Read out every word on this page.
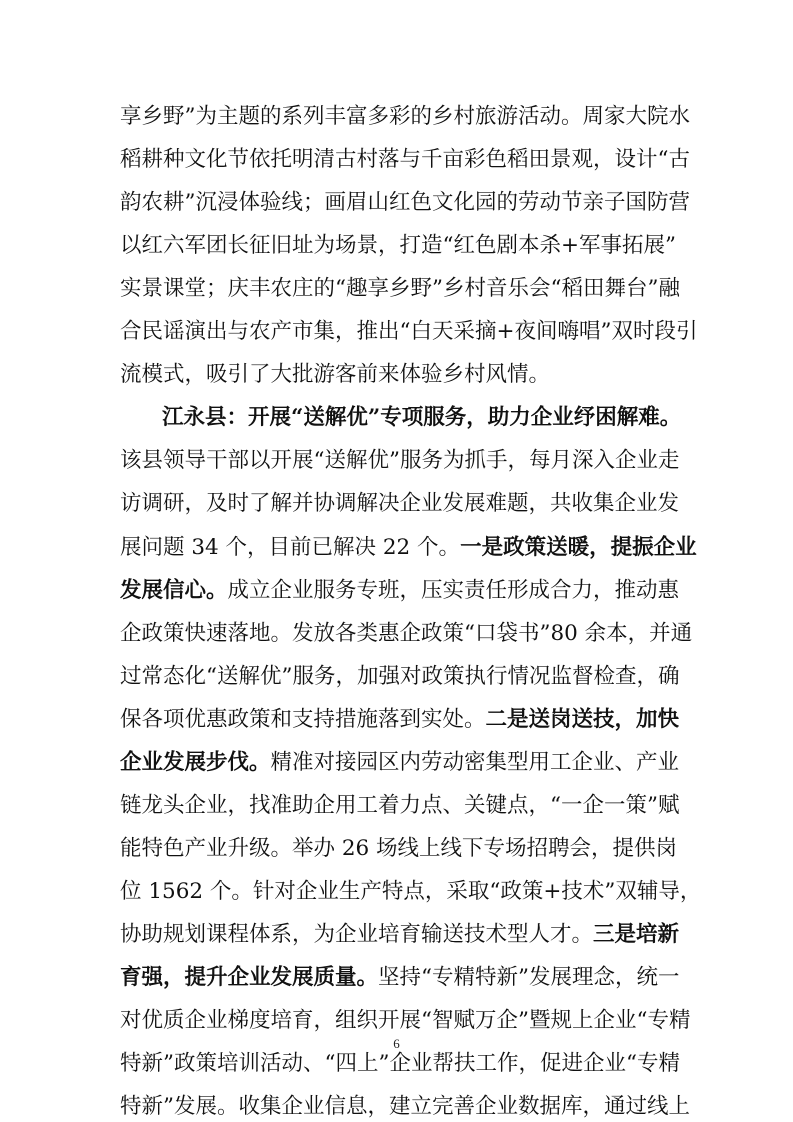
享乡野”为主题的系列丰富多彩的乡村旅游活动。周家大院水
稻耕种文化节依托明清古村落与千亩彩色稻田景观，设计“古
韵农耕”沉浸体验线；画眉山红色文化园的劳动节亲子国防营
以红六军团长征旧址为场景，打造“红色剧本杀+军事拓展”
实景课堂；庆丰农庄的“趣享乡野”乡村音乐会“稻田舞台”融
合民谣演出与农产市集，推出“白天采摘+夜间嗨唱”双时段引
流模式，吸引了大批游客前来体验乡村风情。
江永县：开展“送解优”专项服务，助力企业纾困解难。
该县领导干部以开展“送解优”服务为抓手，每月深入企业走
访调研，及时了解并协调解决企业发展难题，共收集企业发
展问题 34 个，目前已解决 22 个。一是政策送暖，提振企业
发展信心。成立企业服务专班，压实责任形成合力，推动惠
企政策快速落地。发放各类惠企政策“口袋书”80 余本，并通
过常态化“送解优”服务，加强对政策执行情况监督检查，确
保各项优惠政策和支持措施落到实处。二是送岗送技，加快
企业发展步伐。精准对接园区内劳动密集型用工企业、产业
链龙头企业，找准助企用工着力点、关键点，“一企一策”赋
能特色产业升级。举办 26 场线上线下专场招聘会，提供岗
位 1562 个。针对企业生产特点，采取“政策+技术”双辅导，
协助规划课程体系，为企业培育输送技术型人才。三是培新
育强，提升企业发展质量。坚持“专精特新”发展理念，统一
对优质企业梯度培育，组织开展“智赋万企”暨规上企业“专精
特新”政策培训活动、“四上”企业帮扶工作，促进企业“专精
特新”发展。收集企业信息，建立完善企业数据库，通过线上
6
